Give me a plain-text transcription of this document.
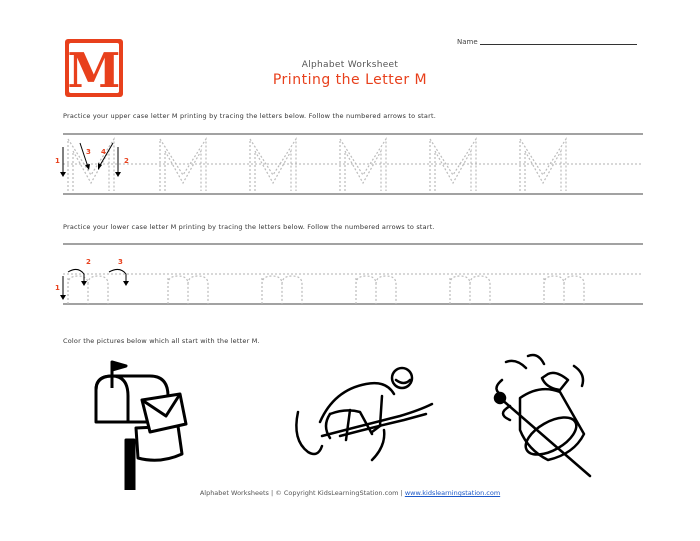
M
Name
Alphabet Worksheet
Printing the Letter M
Practice your upper case letter M printing by tracing the letters below. Follow the numbered arrows to start.
1
3 4
2
Practice your lower case letter M printing by tracing the letters below. Follow the numbered arrows to start.
1
2	3
Color the pictures below which all start with the letter M.
Alphabet Worksheets | © Copyright KidsLearningStation.com | www.kidslearningstation.com
